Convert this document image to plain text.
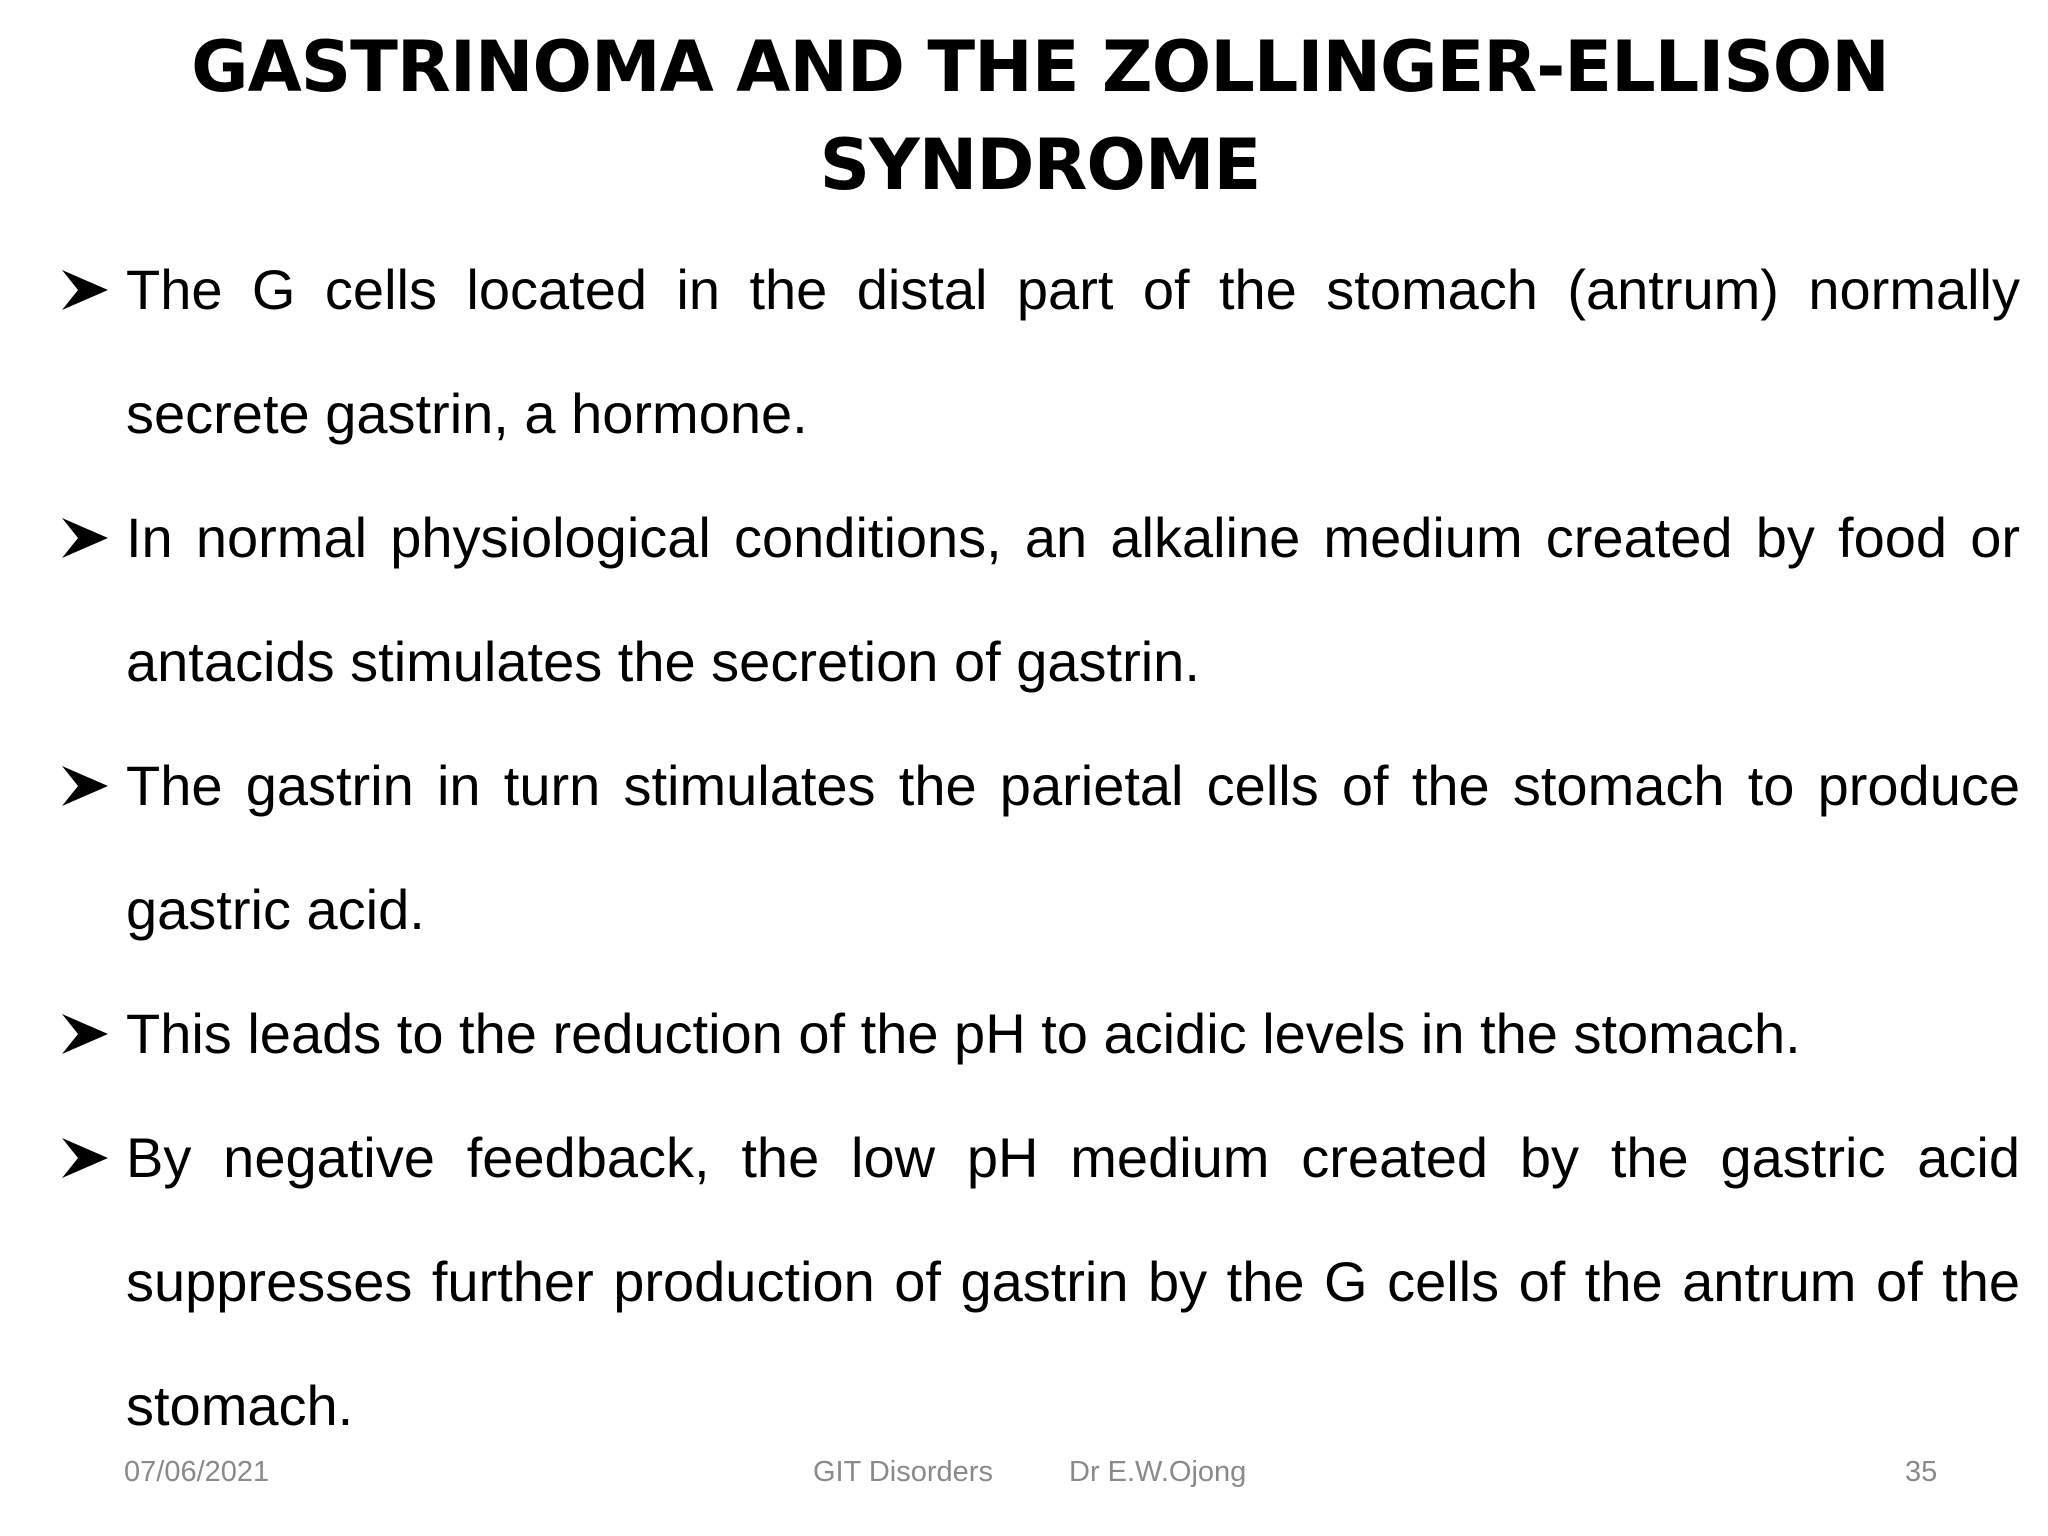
GASTRINOMA AND THE ZOLLINGER-ELLISON SYNDROME

The G cells located in the distal part of the stomach (antrum) normally secrete gastrin, a hormone.

In normal physiological conditions, an alkaline medium created by food or antacids stimulates the secretion of gastrin.

The gastrin in turn stimulates the parietal cells of the stomach to produce gastric acid.

This leads to the reduction of the pH to acidic levels in the stomach.

By negative feedback, the low pH medium created by the gastric acid suppresses further production of gastrin by the G cells of the antrum of the stomach.

07/06/2021	GIT Disorders	Dr E.W.Ojong	35
